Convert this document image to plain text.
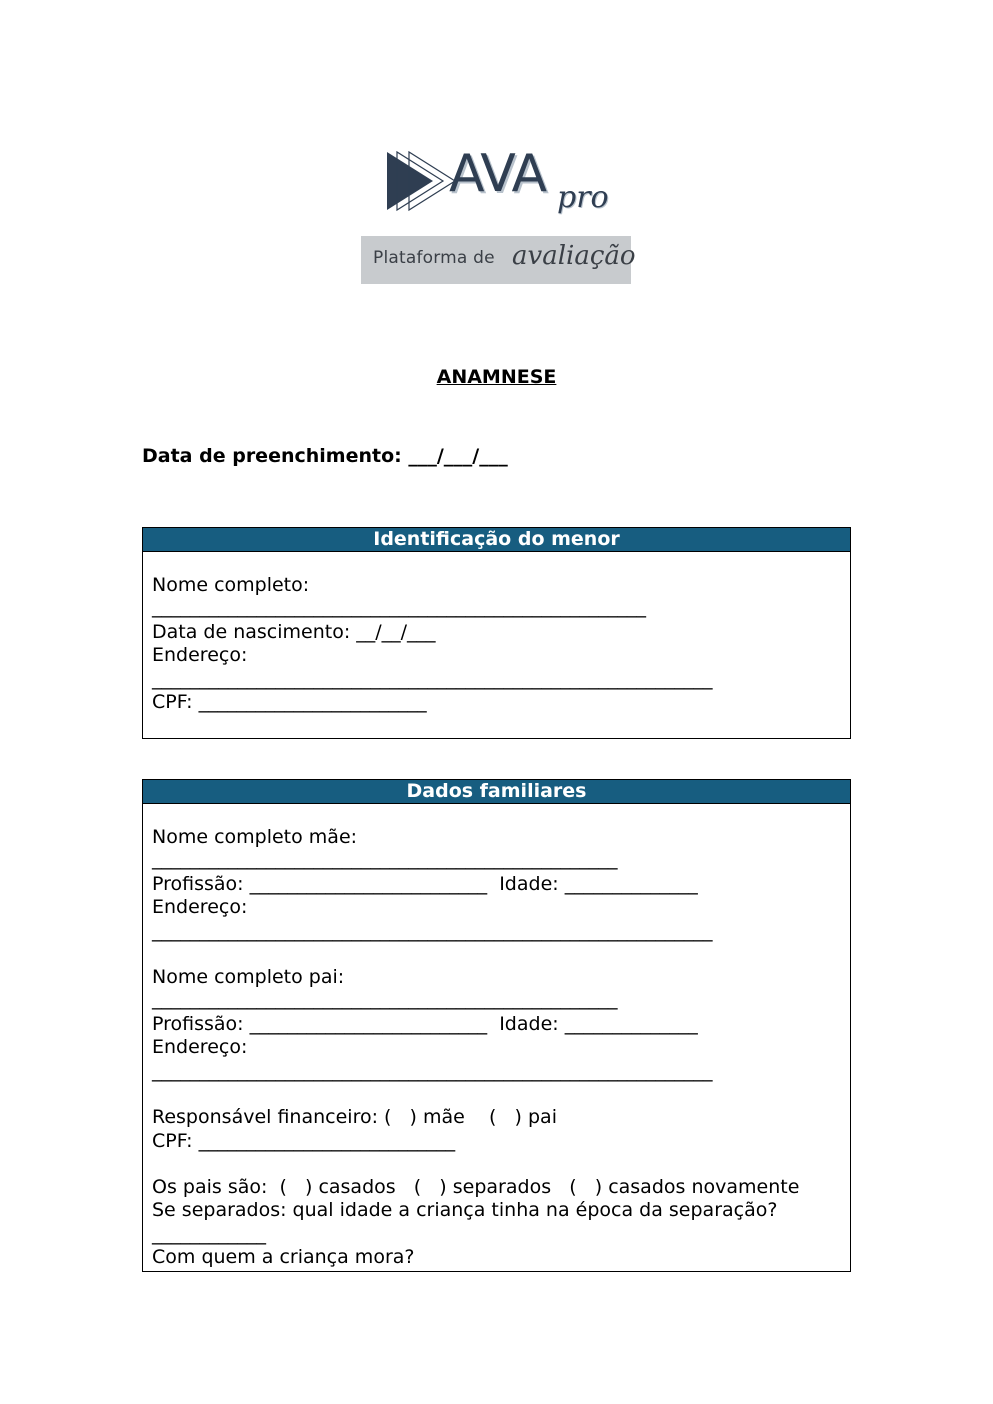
AVA pro
Plataforma de avaliação
ANAMNESE
Data de preenchimento: ___/___/___
Identificação do menor
Nome completo:
____________________________________________________
Data de nascimento: __/__/___
Endereço:
___________________________________________________________
CPF: ________________________
Dados familiares
Nome completo mãe:
_________________________________________________
Profissão: _________________________  Idade: ______________
Endereço:
___________________________________________________________
Nome completo pai:
_________________________________________________
Profissão: _________________________  Idade: ______________
Endereço:
___________________________________________________________
Responsável financeiro: (   ) mãe    (   ) pai
CPF: ___________________________
Os pais são:  (   ) casados   (   ) separados   (   ) casados novamente
Se separados: qual idade a criança tinha na época da separação?
____________
Com quem a criança mora?
